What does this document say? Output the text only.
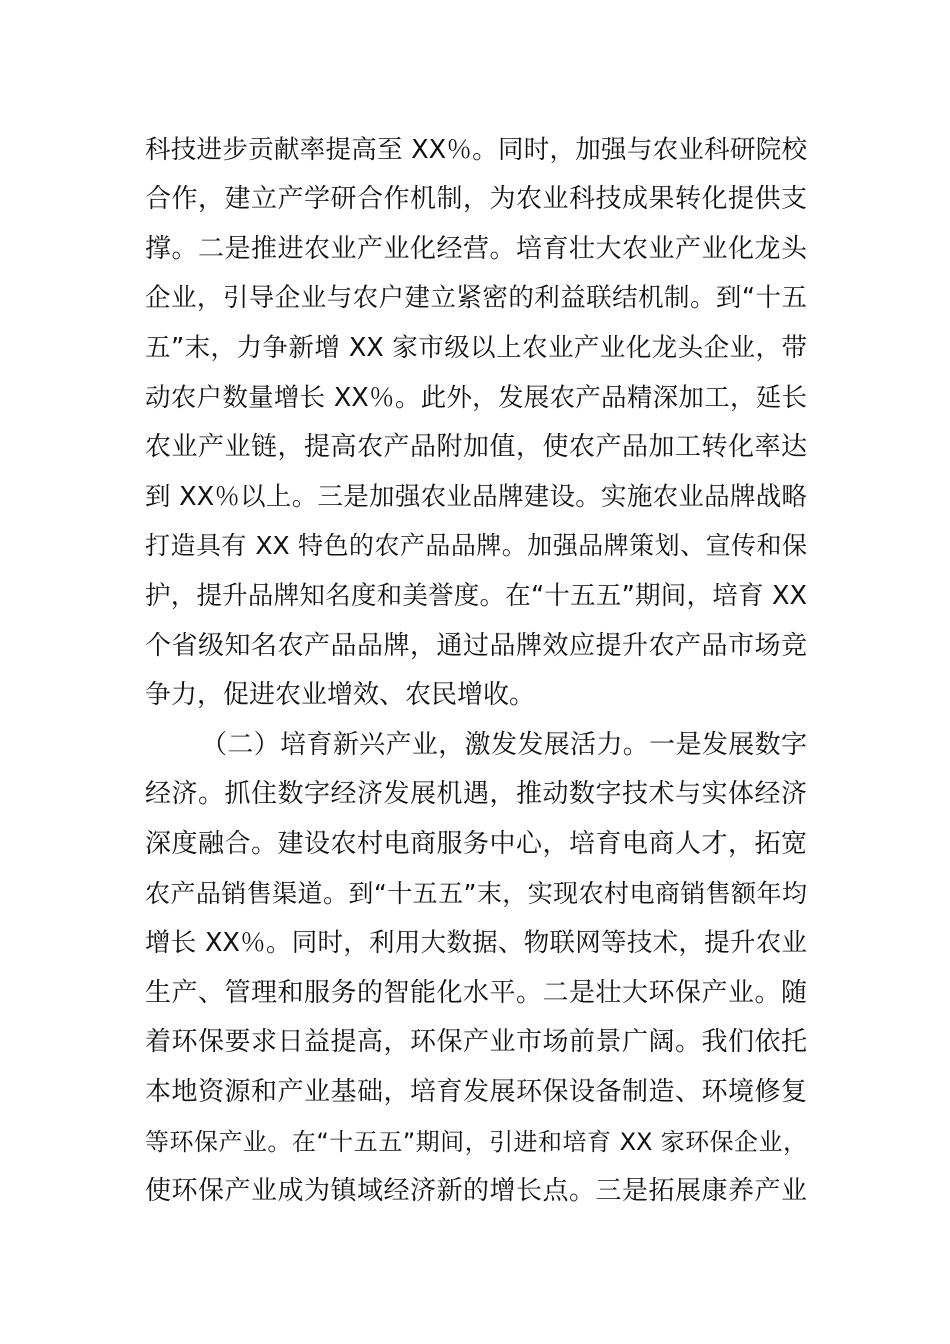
科技进步贡献率提高至 XX％。同时，加强与农业科研院校
合作，建立产学研合作机制，为农业科技成果转化提供支
撑。二是推进农业产业化经营。培育壮大农业产业化龙头
企业，引导企业与农户建立紧密的利益联结机制。到“十五
五”末，力争新增 XX 家市级以上农业产业化龙头企业，带
动农户数量增长 XX％。此外，发展农产品精深加工，延长
农业产业链，提高农产品附加值，使农产品加工转化率达
到 XX％以上。三是加强农业品牌建设。实施农业品牌战略
打造具有 XX 特色的农产品品牌。加强品牌策划、宣传和保
护，提升品牌知名度和美誉度。在“十五五”期间，培育 XX
个省级知名农产品品牌，通过品牌效应提升农产品市场竞
争力，促进农业增效、农民增收。
（二）培育新兴产业，激发发展活力。一是发展数字
经济。抓住数字经济发展机遇，推动数字技术与实体经济
深度融合。建设农村电商服务中心，培育电商人才，拓宽
农产品销售渠道。到“十五五”末，实现农村电商销售额年均
增长 XX％。同时，利用大数据、物联网等技术，提升农业
生产、管理和服务的智能化水平。二是壮大环保产业。随
着环保要求日益提高，环保产业市场前景广阔。我们依托
本地资源和产业基础，培育发展环保设备制造、环境修复
等环保产业。在“十五五”期间，引进和培育 XX 家环保企业，
使环保产业成为镇域经济新的增长点。三是拓展康养产业
